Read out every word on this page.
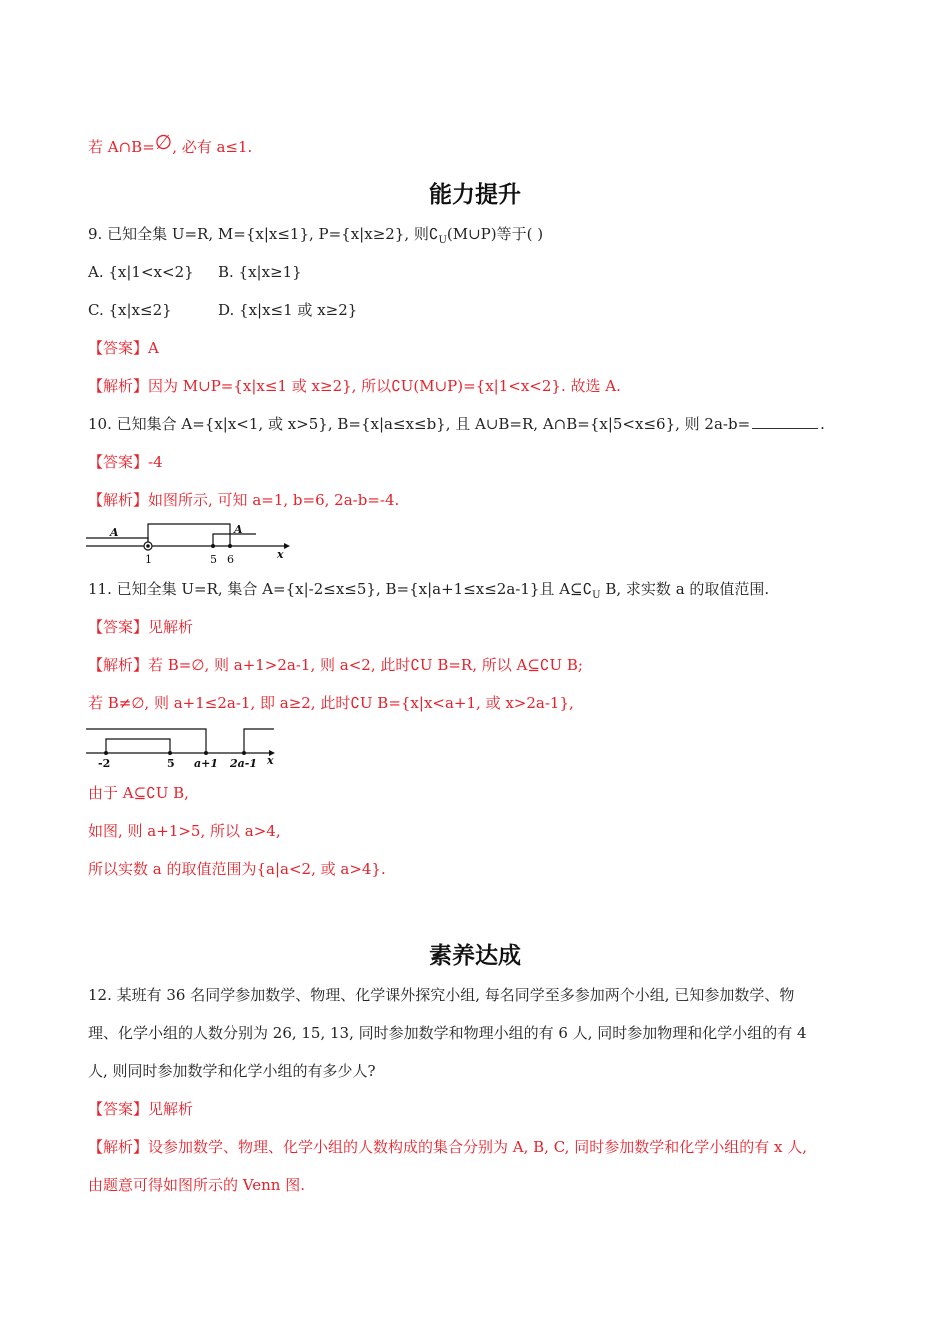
若 A∩B=∅, 必有 a≤1.
能力提升
9. 已知全集 U=R, M={x|x≤1}, P={x|x≥2}, 则$∁_U(M\cup P)$等于( )
A. {x|1<x<2} B. {x|x≥1}
C. {x|x≤2}	D. {x|x≤1 或 x≥2}
【答案】A
【解析】因为 M∪P={x|x≤1 或 x≥2}, 所以∁U(M∪P)={x|1<x<2}. 故选 A.
10. 已知集合 A={x|x<1, 或 x>5}, B={x|a≤x≤b}, 且 A∪B=R, A∩B={x|5<x≤6}, 则 2a-b=	.
【答案】-4
【解析】如图所示, 可知 a=1, b=6, 2a-b=-4.
A	A
1	5 6	x
11. 已知全集 U=R, 集合 A={x|-2≤x≤5}, B={x|a+1≤x≤2a-1}且 $A⊆∁_U$ B, 求实数 a 的取值范围.
【答案】见解析
【解析】若 B=∅, 则 a+1>2a-1, 则 a<2, 此时∁U B=R, 所以 A⊆∁U B;
若 B≠∅, 则 a+1≤2a-1, 即 a≥2, 此时∁U B={x|x<a+1, 或 x>2a-1},
-2	5 a+1 2a-1 x
由于 A⊆∁U B,
如图, 则 a+1>5, 所以 a>4,
所以实数 a 的取值范围为{a|a<2, 或 a>4}.
素养达成
12. 某班有 36 名同学参加数学、物理、化学课外探究小组, 每名同学至多参加两个小组, 已知参加数学、物
理、化学小组的人数分别为 26, 15, 13, 同时参加数学和物理小组的有 6 人, 同时参加物理和化学小组的有 4
人, 则同时参加数学和化学小组的有多少人?
【答案】见解析
【解析】设参加数学、物理、化学小组的人数构成的集合分别为 A, B, C, 同时参加数学和化学小组的有 x 人,
由题意可得如图所示的 Venn 图.
